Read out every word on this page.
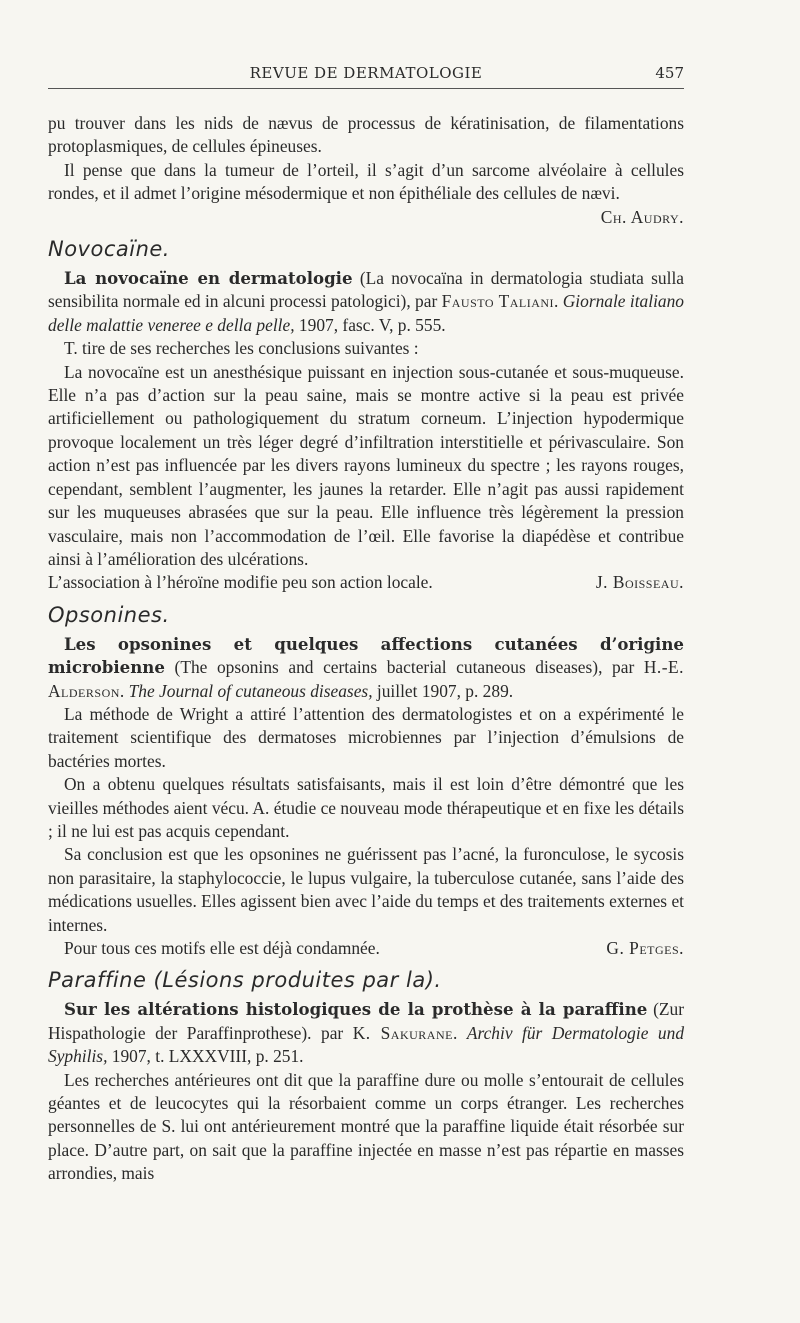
REVUE DE DERMATOLOGIE	457

pu trouver dans les nids de nævus de processus de kératinisation, de filamentations protoplasmiques, de cellules épineuses.

Il pense que dans la tumeur de l’orteil, il s’agit d’un sarcome alvéolaire à cellules rondes, et il admet l’origine mésodermique et non épithéliale des cellules de nævi.

Ch. Audry.

Novocaïne.

La novocaïne en dermatologie (La novocaïna in dermatologia studiata sulla sensibilita normale ed in alcuni processi patologici), par Fausto Taliani. Giornale italiano delle malattie veneree e della pelle, 1907, fasc. V, p. 555.

T. tire de ses recherches les conclusions suivantes :

La novocaïne est un anesthésique puissant en injection sous-cutanée et sous-muqueuse. Elle n’a pas d’action sur la peau saine, mais se montre active si la peau est privée artificiellement ou pathologiquement du stratum corneum. L’injection hypodermique provoque localement un très léger degré d’infiltration interstitielle et périvasculaire. Son action n’est pas influencée par les divers rayons lumineux du spectre ; les rayons rouges, cependant, semblent l’augmenter, les jaunes la retarder. Elle n’agit pas aussi rapidement sur les muqueuses abrasées que sur la peau. Elle influence très légèrement la pression vasculaire, mais non l’accommodation de l’œil. Elle favorise la diapédèse et contribue ainsi à l’amélioration des ulcérations.

L’association à l’héroïne modifie peu son action locale.	J. Boisseau.

Opsonines.

Les opsonines et quelques affections cutanées d’origine microbienne (The opsonins and certains bacterial cutaneous diseases), par H.-E. Alderson. The Journal of cutaneous diseases, juillet 1907, p. 289.

La méthode de Wright a attiré l’attention des dermatologistes et on a expérimenté le traitement scientifique des dermatoses microbiennes par l’injection d’émulsions de bactéries mortes.

On a obtenu quelques résultats satisfaisants, mais il est loin d’être démontré que les vieilles méthodes aient vécu. A. étudie ce nouveau mode thérapeutique et en fixe les détails ; il ne lui est pas acquis cependant.

Sa conclusion est que les opsonines ne guérissent pas l’acné, la furonculose, le sycosis non parasitaire, la staphylococcie, le lupus vulgaire, la tuberculose cutanée, sans l’aide des médications usuelles. Elles agissent bien avec l’aide du temps et des traitements externes et internes.

Pour tous ces motifs elle est déjà condamnée.	G. Petges.

Paraffine (Lésions produites par la).

Sur les altérations histologiques de la prothèse à la paraffine (Zur Hispathologie der Paraffinprothese). par K. Sakurane. Archiv für Dermatologie und Syphilis, 1907, t. LXXXVIII, p. 251.

Les recherches antérieures ont dit que la paraffine dure ou molle s’entourait de cellules géantes et de leucocytes qui la résorbaient comme un corps étranger. Les recherches personnelles de S. lui ont antérieurement montré que la paraffine liquide était résorbée sur place. D’autre part, on sait que la paraffine injectée en masse n’est pas répartie en masses arrondies, mais
